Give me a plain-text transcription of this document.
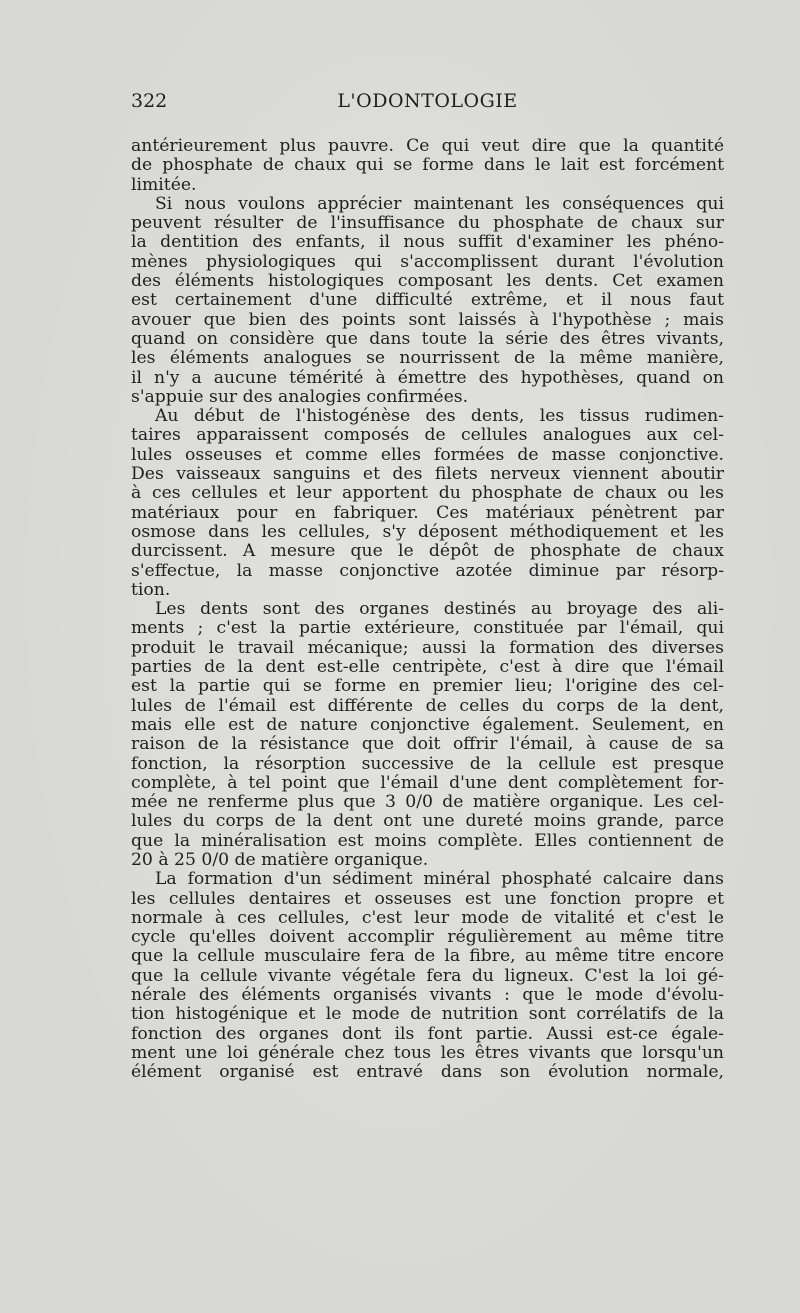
322	L'ODONTOLOGIE
antérieurement plus pauvre. Ce qui veut dire que la quantité
de phosphate de chaux qui se forme dans le lait est forcément
limitée.
Si nous voulons apprécier maintenant les conséquences qui
peuvent résulter de l'insuffisance du phosphate de chaux sur
la dentition des enfants, il nous suffit d'examiner les phéno-
mènes physiologiques qui s'accomplissent durant l'évolution
des éléments histologiques composant les dents. Cet examen
est certainement d'une difficulté extrême, et il nous faut
avouer que bien des points sont laissés à l'hypothèse ; mais
quand on considère que dans toute la série des êtres vivants,
les éléments analogues se nourrissent de la même manière,
il n'y a aucune témérité à émettre des hypothèses, quand on
s'appuie sur des analogies confirmées.
Au début de l'histogénèse des dents, les tissus rudimen-
taires apparaissent composés de cellules analogues aux cel-
lules osseuses et comme elles formées de masse conjonctive.
Des vaisseaux sanguins et des filets nerveux viennent aboutir
à ces cellules et leur apportent du phosphate de chaux ou les
matériaux pour en fabriquer. Ces matériaux pénètrent par
osmose dans les cellules, s'y déposent méthodiquement et les
durcissent. A mesure que le dépôt de phosphate de chaux
s'effectue, la masse conjonctive azotée diminue par résorp-
tion.
Les dents sont des organes destinés au broyage des ali-
ments ; c'est la partie extérieure, constituée par l'émail, qui
produit le travail mécanique; aussi la formation des diverses
parties de la dent est-elle centripète, c'est à dire que l'émail
est la partie qui se forme en premier lieu; l'origine des cel-
lules de l'émail est différente de celles du corps de la dent,
mais elle est de nature conjonctive également. Seulement, en
raison de la résistance que doit offrir l'émail, à cause de sa
fonction, la résorption successive de la cellule est presque
complète, à tel point que l'émail d'une dent complètement for-
mée ne renferme plus que 3 0/0 de matière organique. Les cel-
lules du corps de la dent ont une dureté moins grande, parce
que la minéralisation est moins complète. Elles contiennent de
20 à 25 0/0 de matière organique.
La formation d'un sédiment minéral phosphaté calcaire dans
les cellules dentaires et osseuses est une fonction propre et
normale à ces cellules, c'est leur mode de vitalité et c'est le
cycle qu'elles doivent accomplir régulièrement au même titre
que la cellule musculaire fera de la fibre, au même titre encore
que la cellule vivante végétale fera du ligneux. C'est la loi gé-
nérale des éléments organisés vivants : que le mode d'évolu-
tion histogénique et le mode de nutrition sont corrélatifs de la
fonction des organes dont ils font partie. Aussi est-ce égale-
ment une loi générale chez tous les êtres vivants que lorsqu'un
élément organisé est entravé dans son évolution normale,
